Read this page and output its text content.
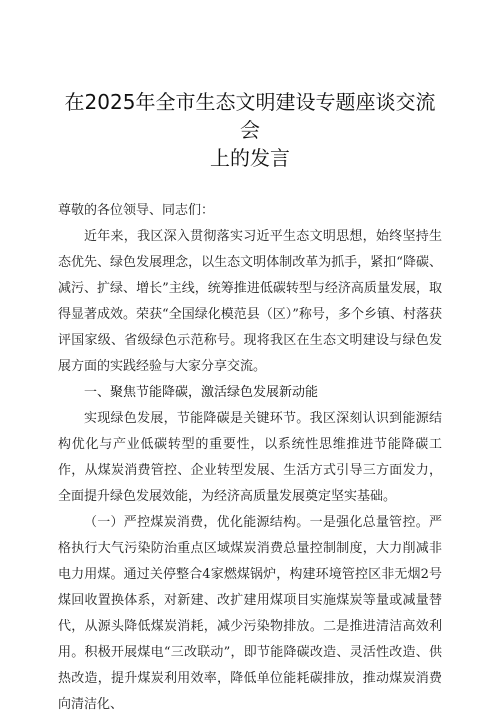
在2025年全市生态文明建设专题座谈交流会
上的发言

尊敬的各位领导、同志们：

近年来，我区深入贯彻落实习近平生态文明思想，始终坚持生态优先、绿色发展理念，以生态文明体制改革为抓手，紧扣“降碳、减污、扩绿、增长”主线，统筹推进低碳转型与经济高质量发展，取得显著成效。荣获“全国绿化模范县（区）”称号，多个乡镇、村落获评国家级、省级绿色示范称号。现将我区在生态文明建设与绿色发展方面的实践经验与大家分享交流。

一、聚焦节能降碳，激活绿色发展新动能

实现绿色发展，节能降碳是关键环节。我区深刻认识到能源结构优化与产业低碳转型的重要性，以系统性思维推进节能降碳工作，从煤炭消费管控、企业转型发展、生活方式引导三方面发力，全面提升绿色发展效能，为经济高质量发展奠定坚实基础。

（一）严控煤炭消费，优化能源结构。一是强化总量管控。严格执行大气污染防治重点区域煤炭消费总量控制制度，大力削减非电力用煤。通过关停整合4家燃煤锅炉，构建环境管控区非无烟2号煤回收置换体系，对新建、改扩建用煤项目实施煤炭等量或减量替代，从源头降低煤炭消耗，减少污染物排放。二是推进清洁高效利用。积极开展煤电“三改联动”，即节能降碳改造、灵活性改造、供热改造，提升煤炭利用效率，降低单位能耗碳排放，推动煤炭消费向清洁化、
